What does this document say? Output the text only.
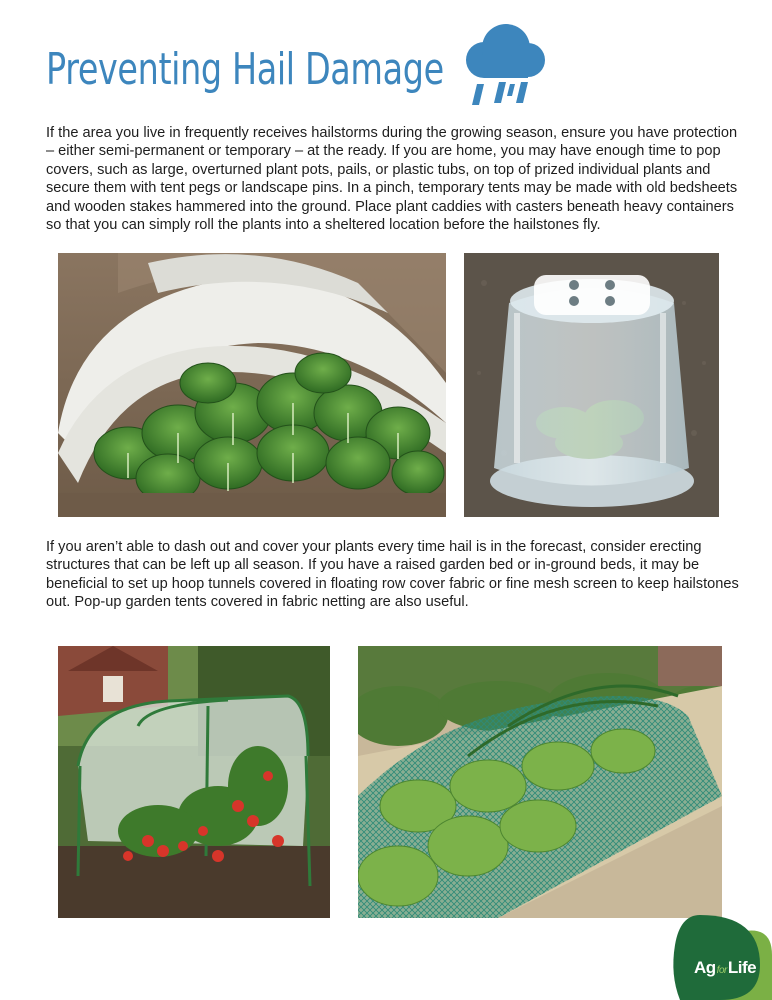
Preventing Hail Damage
If the area you live in frequently receives hailstorms during the growing season, ensure you have protection
– either semi-permanent or temporary – at the ready. If you are home, you may have enough time to pop
covers, such as large, overturned plant pots, pails, or plastic tubs, on top of prized individual plants and
secure them with tent pegs or landscape pins. In a pinch, temporary tents may be made with old bedsheets
and wooden stakes hammered into the ground. Place plant caddies with casters beneath heavy containers
so that you can simply roll the plants into a sheltered location before the hailstones fly.
If you aren’t able to dash out and cover your plants every time hail is in the forecast, consider erecting
structures that can be left up all season. If you have a raised garden bed or in-ground beds, it may be
beneficial to set up hoop tunnels covered in floating row cover fabric or fine mesh screen to keep hailstones
out. Pop-up garden tents covered in fabric netting are also useful.
AgforLife
